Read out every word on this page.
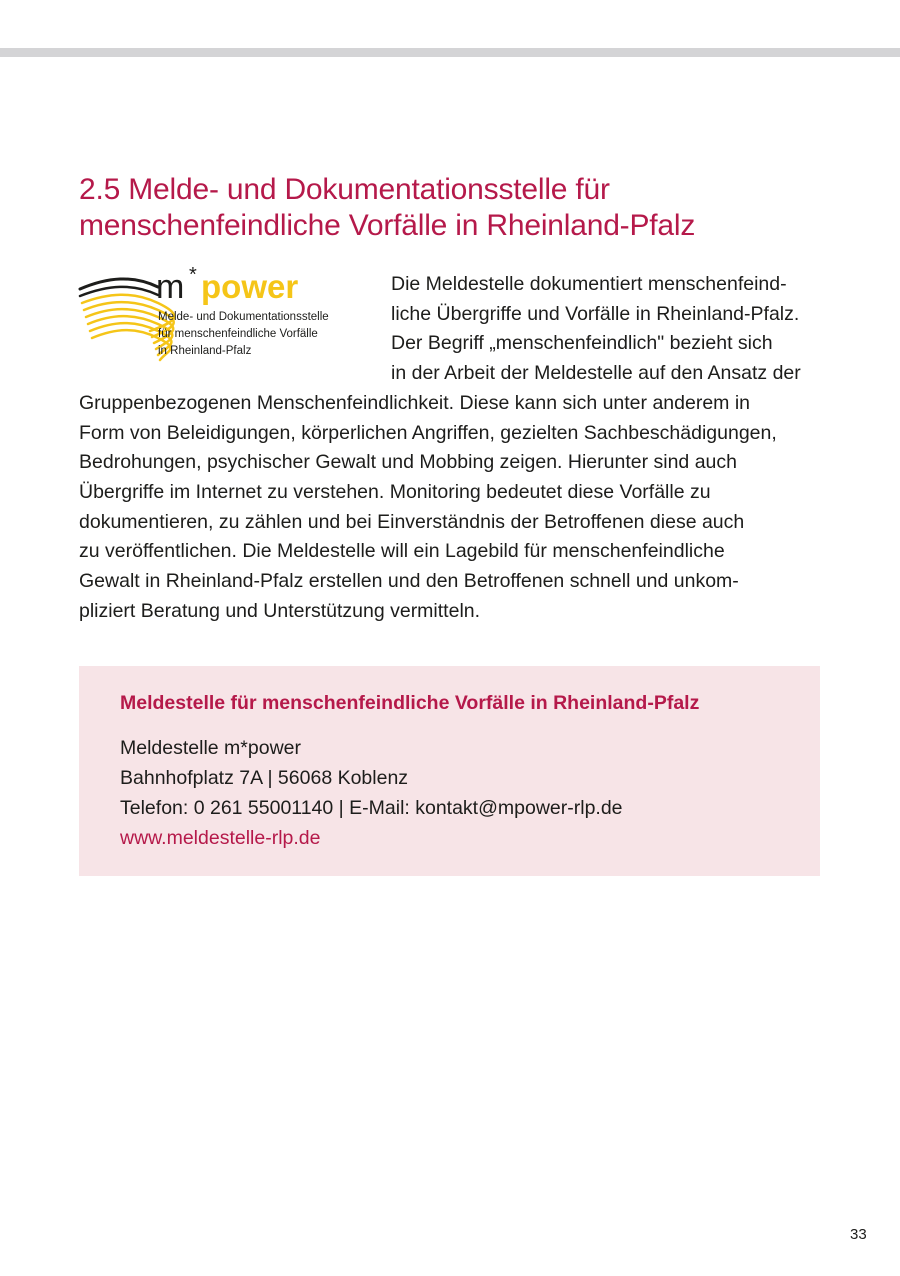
2.5 Melde- und Dokumentationsstelle für
menschenfeindliche Vorfälle in Rheinland-Pfalz
m * power
Melde- und Dokumentationsstelle
für menschenfeindliche Vorfälle
in Rheinland-Pfalz
Die Meldestelle dokumentiert menschenfeind-
liche Übergriffe und Vorfälle in Rheinland-Pfalz.
Der Begriff „menschenfeindlich" bezieht sich
in der Arbeit der Meldestelle auf den Ansatz der
Gruppenbezogenen Menschenfeindlichkeit. Diese kann sich unter anderem in
Form von Beleidigungen, körperlichen Angriffen, gezielten Sachbeschädigungen,
Bedrohungen, psychischer Gewalt und Mobbing zeigen. Hierunter sind auch
Übergriffe im Internet zu verstehen. Monitoring bedeutet diese Vorfälle zu
dokumentieren, zu zählen und bei Einverständnis der Betroffenen diese auch
zu veröffentlichen. Die Meldestelle will ein Lagebild für menschenfeindliche
Gewalt in Rheinland-Pfalz erstellen und den Betroffenen schnell und unkom-
pliziert Beratung und Unterstützung vermitteln.
Meldestelle für menschenfeindliche Vorfälle in Rheinland-Pfalz
Meldestelle m*power
Bahnhofplatz 7A | 56068 Koblenz
Telefon: 0 261 55001140 | E-Mail: kontakt@mpower-rlp.de
www.meldestelle-rlp.de
33
